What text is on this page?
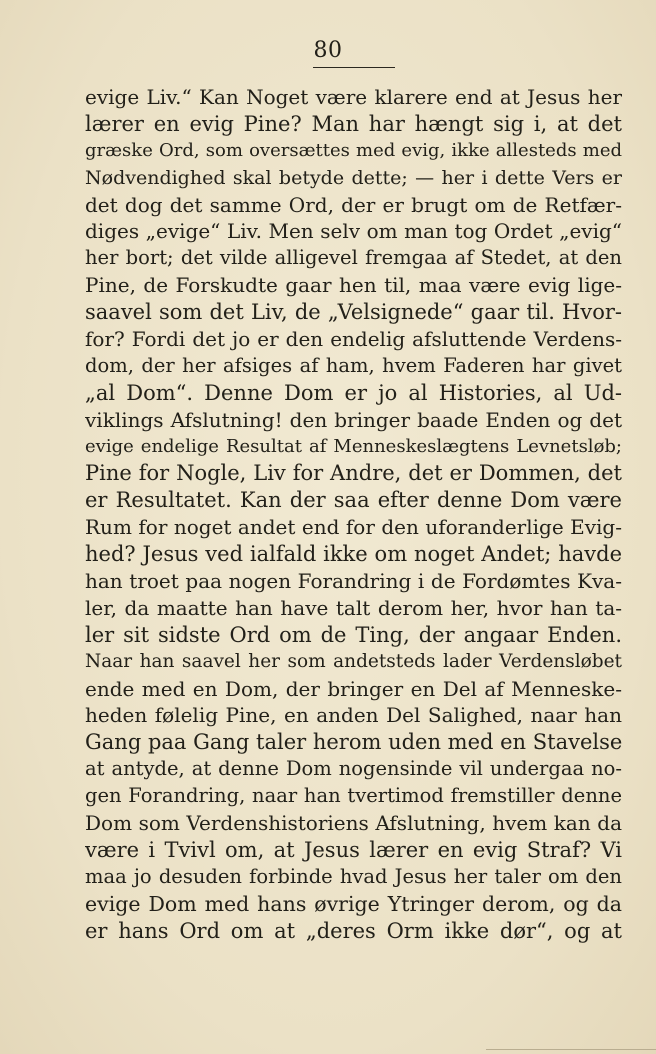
80
evige Liv.“ Kan Noget være klarere end at Jesus her
lærer en evig Pine? Man har hængt sig i, at det
græske Ord, som oversættes med evig, ikke allesteds med
Nødvendighed skal betyde dette; — her i dette Vers er
det dog det samme Ord, der er brugt om de Retfær-
diges „evige“ Liv. Men selv om man tog Ordet „evig“
her bort; det vilde alligevel fremgaa af Stedet, at den
Pine, de Forskudte gaar hen til, maa være evig lige-
saavel som det Liv, de „Velsignede“ gaar til. Hvor-
for? Fordi det jo er den endelig afsluttende Verdens-
dom, der her afsiges af ham, hvem Faderen har givet
„al Dom“. Denne Dom er jo al Histories, al Ud-
viklings Afslutning! den bringer baade Enden og det
evige endelige Resultat af Menneskeslægtens Levnetsløb;
Pine for Nogle, Liv for Andre, det er Dommen, det
er Resultatet. Kan der saa efter denne Dom være
Rum for noget andet end for den uforanderlige Evig-
hed? Jesus ved ialfald ikke om noget Andet; havde
han troet paa nogen Forandring i de Fordømtes Kva-
ler, da maatte han have talt derom her, hvor han ta-
ler sit sidste Ord om de Ting, der angaar Enden.
Naar han saavel her som andetsteds lader Verdensløbet
ende med en Dom, der bringer en Del af Menneske-
heden følelig Pine, en anden Del Salighed, naar han
Gang paa Gang taler herom uden med en Stavelse
at antyde, at denne Dom nogensinde vil undergaa no-
gen Forandring, naar han tvertimod fremstiller denne
Dom som Verdenshistoriens Afslutning, hvem kan da
være i Tvivl om, at Jesus lærer en evig Straf? Vi
maa jo desuden forbinde hvad Jesus her taler om den
evige Dom med hans øvrige Ytringer derom, og da
er hans Ord om at „deres Orm ikke dør“, og at
